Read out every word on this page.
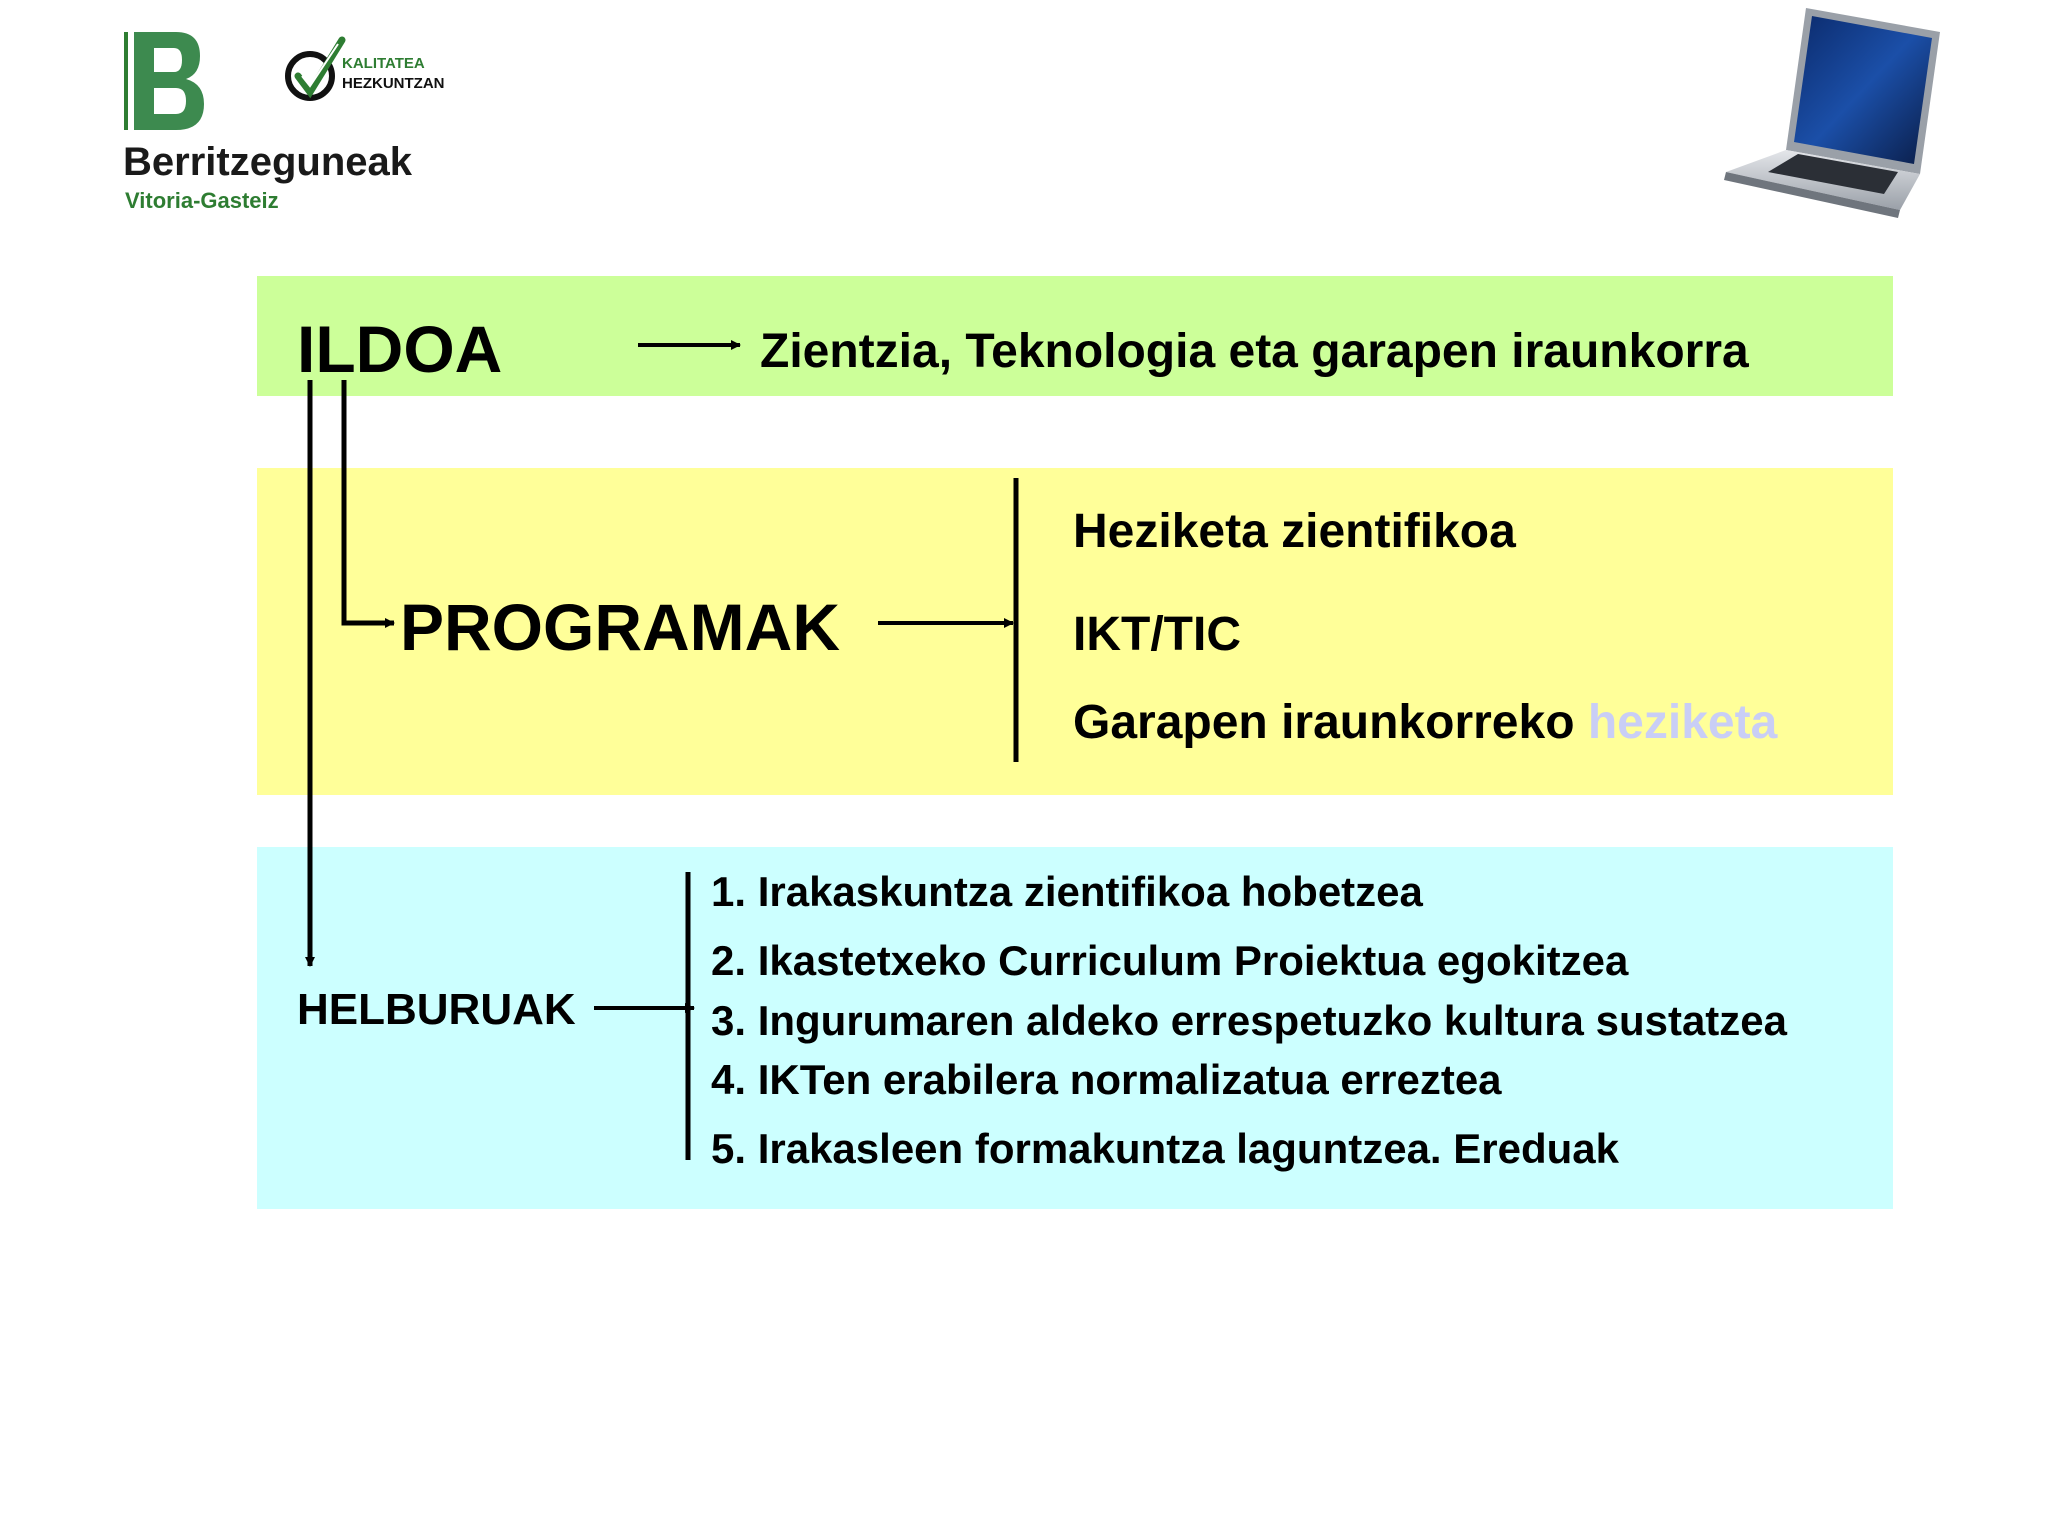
KALITATEA
HEZKUNTZAN
Berritzeguneak
Vitoria-Gasteiz
ILDOA	Zientzia, Teknologia eta garapen iraunkorra
PROGRAMAK
Heziketa zientifikoa
IKT/TIC
Garapen iraunkorreko heziketa
HELBURUAK
1. Irakaskuntza zientifikoa hobetzea
2. Ikastetxeko Curriculum Proiektua egokitzea
3. Ingurumaren aldeko errespetuzko kultura sustatzea
4. IKTen erabilera normalizatua erreztea
5. Irakasleen formakuntza laguntzea. Ereduak
